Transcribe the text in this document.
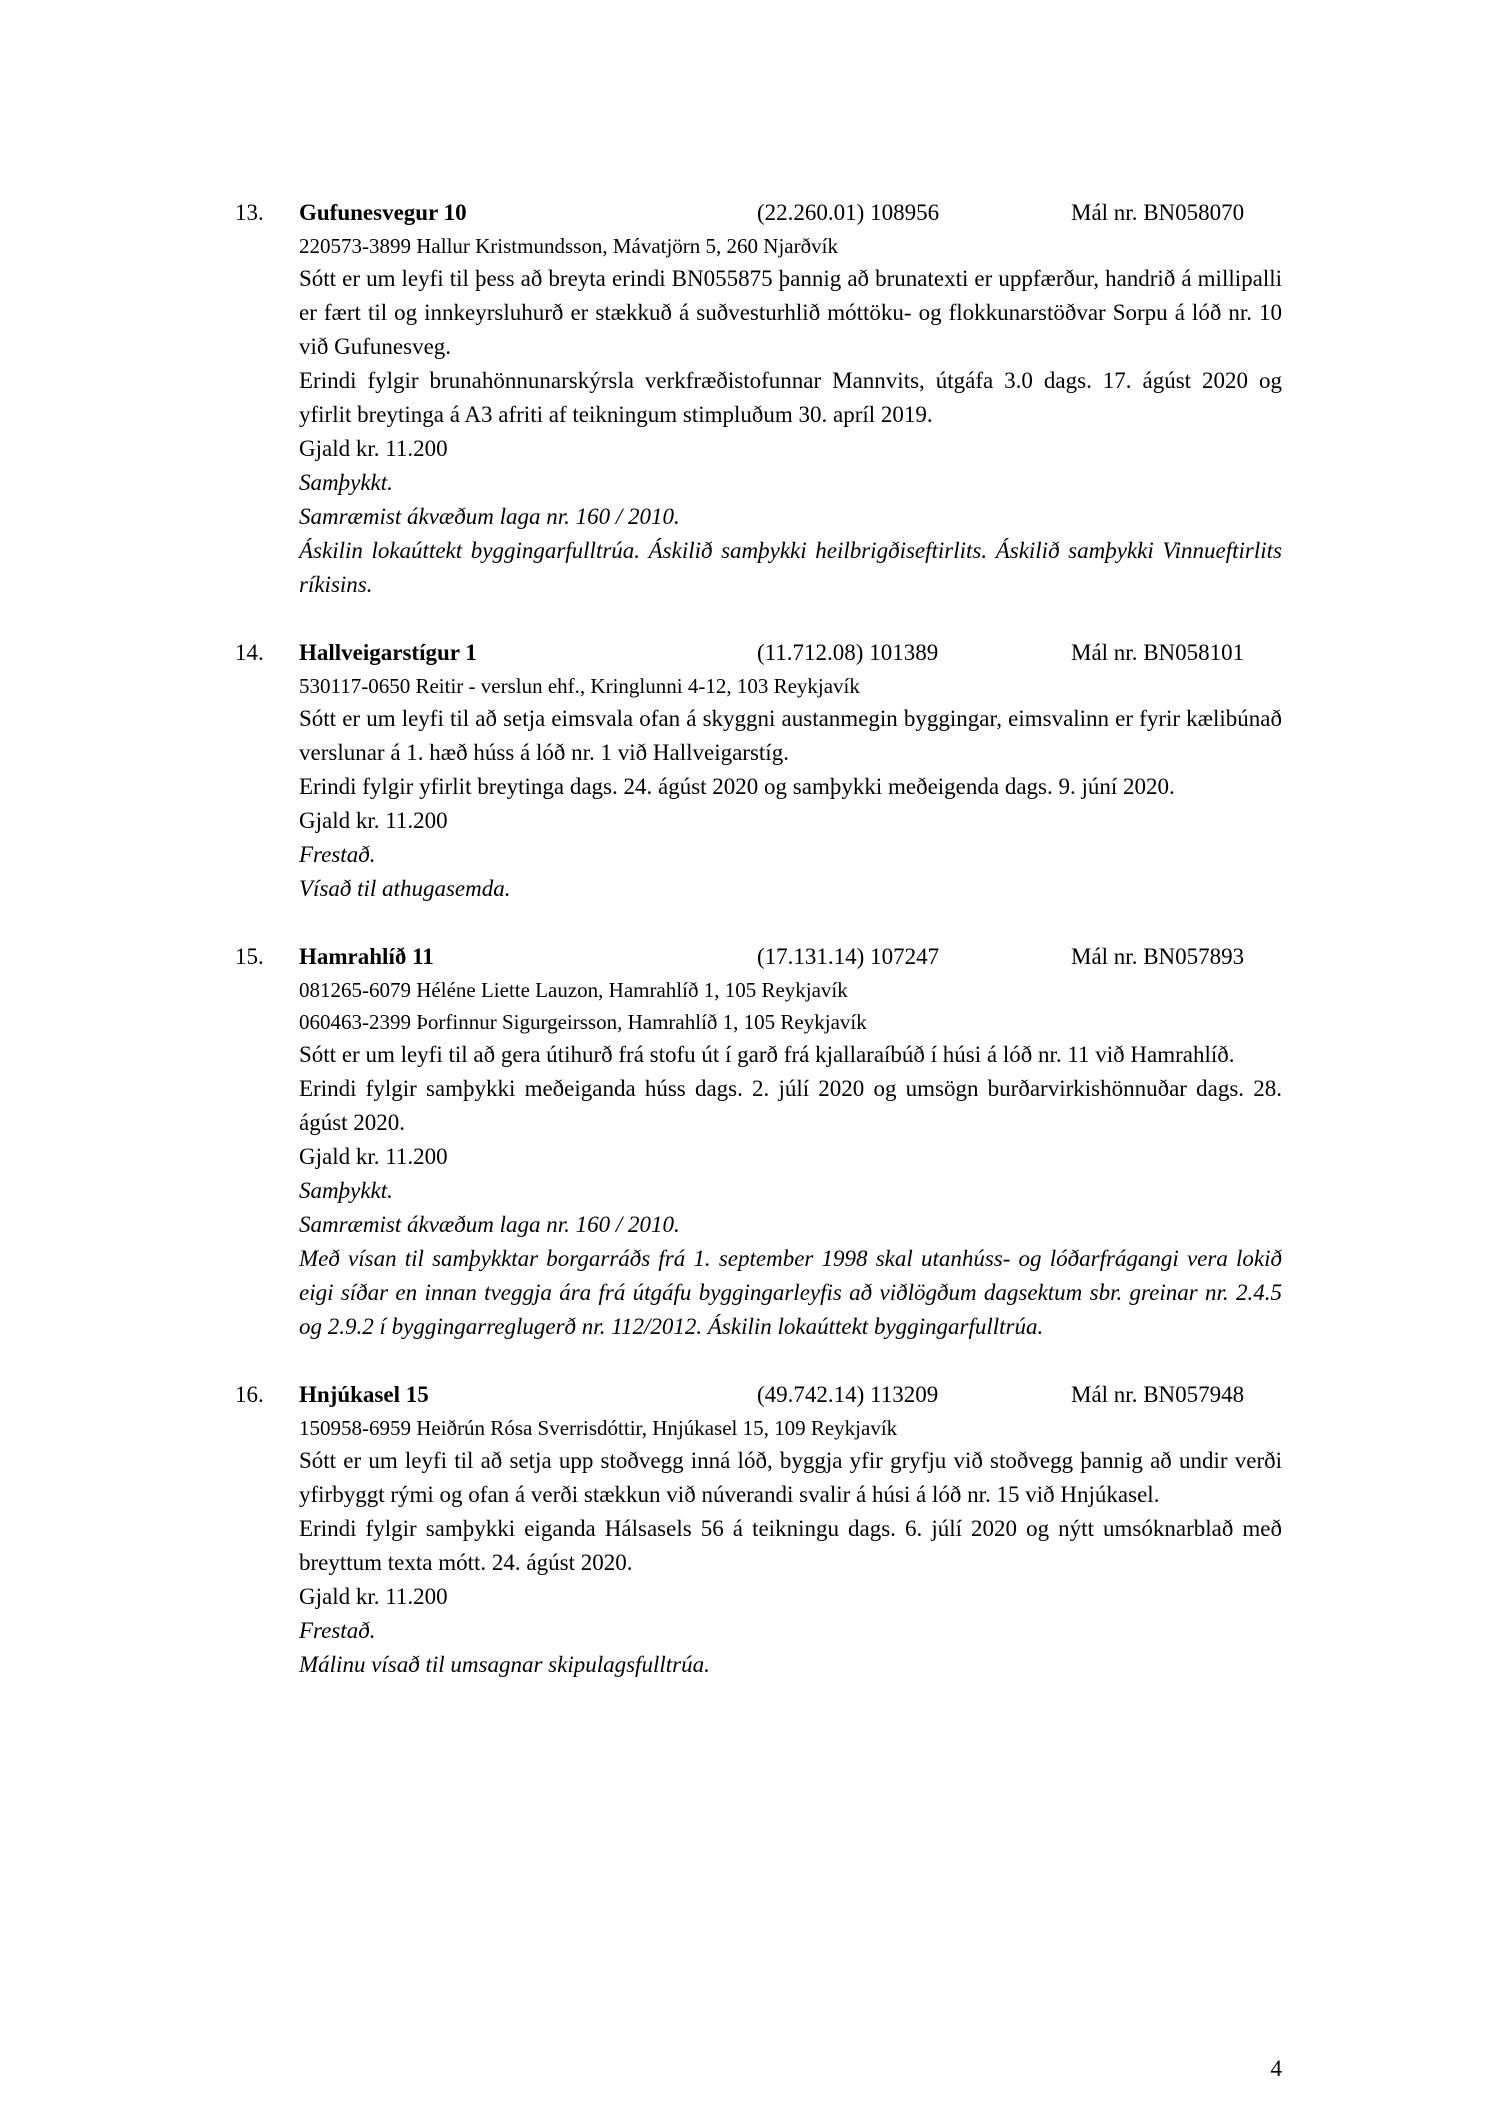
13.	Gufunesvegur 10	(22.260.01) 108956	Mál nr. BN058070
220573-3899 Hallur Kristmundsson, Mávatjörn 5, 260 Njarðvík
Sótt er um leyfi til þess að breyta erindi BN055875 þannig að brunatexti er uppfærður, handrið á millipalli er fært til og innkeyrsluhurð er stækkuð á suðvesturhlið móttöku- og flokkunarstöðvar Sorpu á lóð nr. 10 við Gufunesveg.
Erindi fylgir brunahönnunarskýrsla verkfræðistofunnar Mannvits, útgáfa 3.0 dags. 17. ágúst 2020 og yfirlit breytinga á A3 afriti af teikningum stimpluðum 30. apríl 2019.
Gjald kr. 11.200
Samþykkt.
Samræmist ákvæðum laga nr. 160 / 2010.
Áskilin lokaúttekt byggingarfulltrúa. Áskilið samþykki heilbrigðiseftirlits. Áskilið samþykki Vinnueftirlits ríkisins.
14.	Hallveigarstígur 1	(11.712.08) 101389	Mál nr. BN058101
530117-0650 Reitir - verslun ehf., Kringlunni 4-12, 103 Reykjavík
Sótt er um leyfi til að setja eimsvala ofan á skyggni austanmegin byggingar, eimsvalinn er fyrir kælibúnað verslunar á 1. hæð húss á lóð nr. 1 við Hallveigarstíg.
Erindi fylgir yfirlit breytinga dags. 24. ágúst 2020 og samþykki meðeigenda dags. 9. júní 2020.
Gjald kr. 11.200
Frestað.
Vísað til athugasemda.
15.	Hamrahlíð 11	(17.131.14) 107247	Mál nr. BN057893
081265-6079 Héléne Liette Lauzon, Hamrahlíð 1, 105 Reykjavík
060463-2399 Þorfinnur Sigurgeirsson, Hamrahlíð 1, 105 Reykjavík
Sótt er um leyfi til að gera útihurð frá stofu út í garð frá kjallaraíbúð í húsi á lóð nr. 11 við Hamrahlíð.
Erindi fylgir samþykki meðeiganda húss dags. 2. júlí 2020 og umsögn burðarvirkishönnuðar dags. 28. ágúst 2020.
Gjald kr. 11.200
Samþykkt.
Samræmist ákvæðum laga nr. 160 / 2010.
Með vísan til samþykktar borgarráðs frá 1. september 1998 skal utanhúss- og lóðarfrágangi vera lokið eigi síðar en innan tveggja ára frá útgáfu byggingarleyfis að viðlögðum dagsektum sbr. greinar nr. 2.4.5 og 2.9.2 í byggingarreglugerð nr. 112/2012. Áskilin lokaúttekt byggingarfulltrúa.
16.	Hnjúkasel 15	(49.742.14) 113209	Mál nr. BN057948
150958-6959 Heiðrún Rósa Sverrisdóttir, Hnjúkasel 15, 109 Reykjavík
Sótt er um leyfi til að setja upp stoðvegg inná lóð, byggja yfir gryfju við stoðvegg þannig að undir verði yfirbyggt rými og ofan á verði stækkun við núverandi svalir á húsi á lóð nr. 15 við Hnjúkasel.
Erindi fylgir samþykki eiganda Hálsasels 56 á teikningu dags. 6. júlí 2020 og nýtt umsóknarblað með breyttum texta mótt. 24. ágúst 2020.
Gjald kr. 11.200
Frestað.
Málinu vísað til umsagnar skipulagsfulltrúa.
4
